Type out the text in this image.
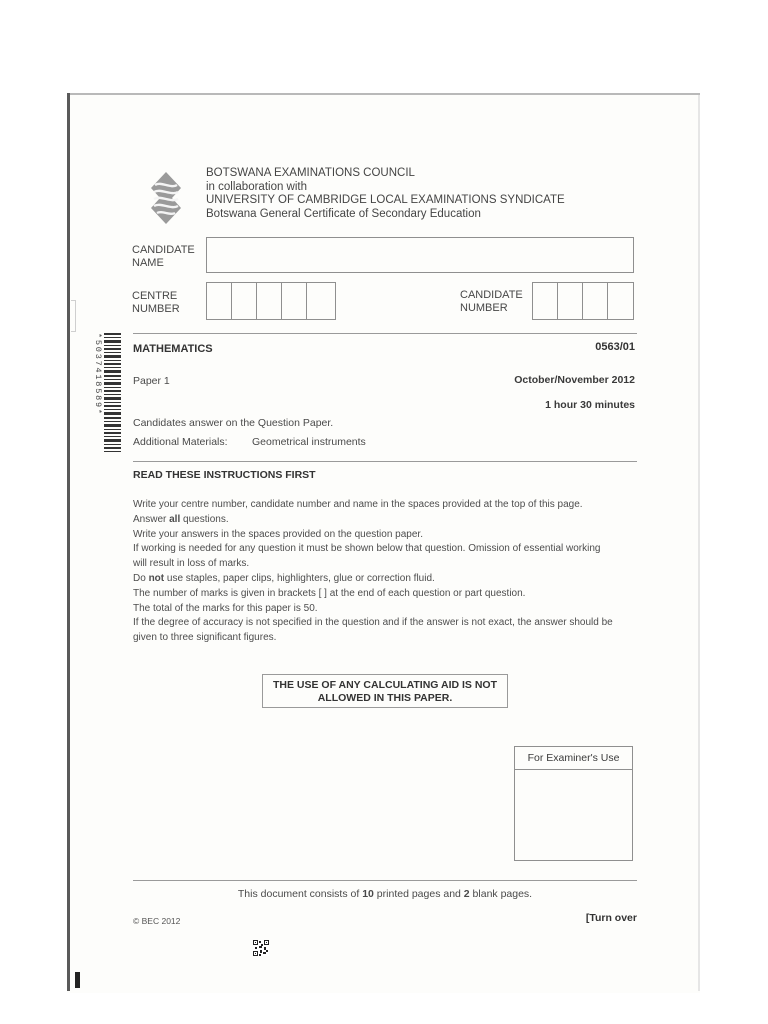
BOTSWANA EXAMINATIONS COUNCIL
in collaboration with
UNIVERSITY OF CAMBRIDGE LOCAL EXAMINATIONS SYNDICATE
Botswana General Certificate of Secondary Education
CANDIDATE
NAME
CENTRE
NUMBER
CANDIDATE
NUMBER
*5037418589*	MATHEMATICS	0563/01
Paper 1	October/November 2012
1 hour 30 minutes
Candidates answer on the Question Paper.
Additional Materials: Geometrical instruments
READ THESE INSTRUCTIONS FIRST
Write your centre number, candidate number and name in the spaces provided at the top of this page.
Answer all questions.
Write your answers in the spaces provided on the question paper.
If working is needed for any question it must be shown below that question. Omission of essential working
will result in loss of marks.
Do not use staples, paper clips, highlighters, glue or correction fluid.
The number of marks is given in brackets [ ] at the end of each question or part question.
The total of the marks for this paper is 50.
If the degree of accuracy is not specified in the question and if the answer is not exact, the answer should be
given to three significant figures.
THE USE OF ANY CALCULATING AID IS NOT
ALLOWED IN THIS PAPER.
For Examiner's Use
This document consists of 10 printed pages and 2 blank pages.
© BEC 2012	[Turn over
